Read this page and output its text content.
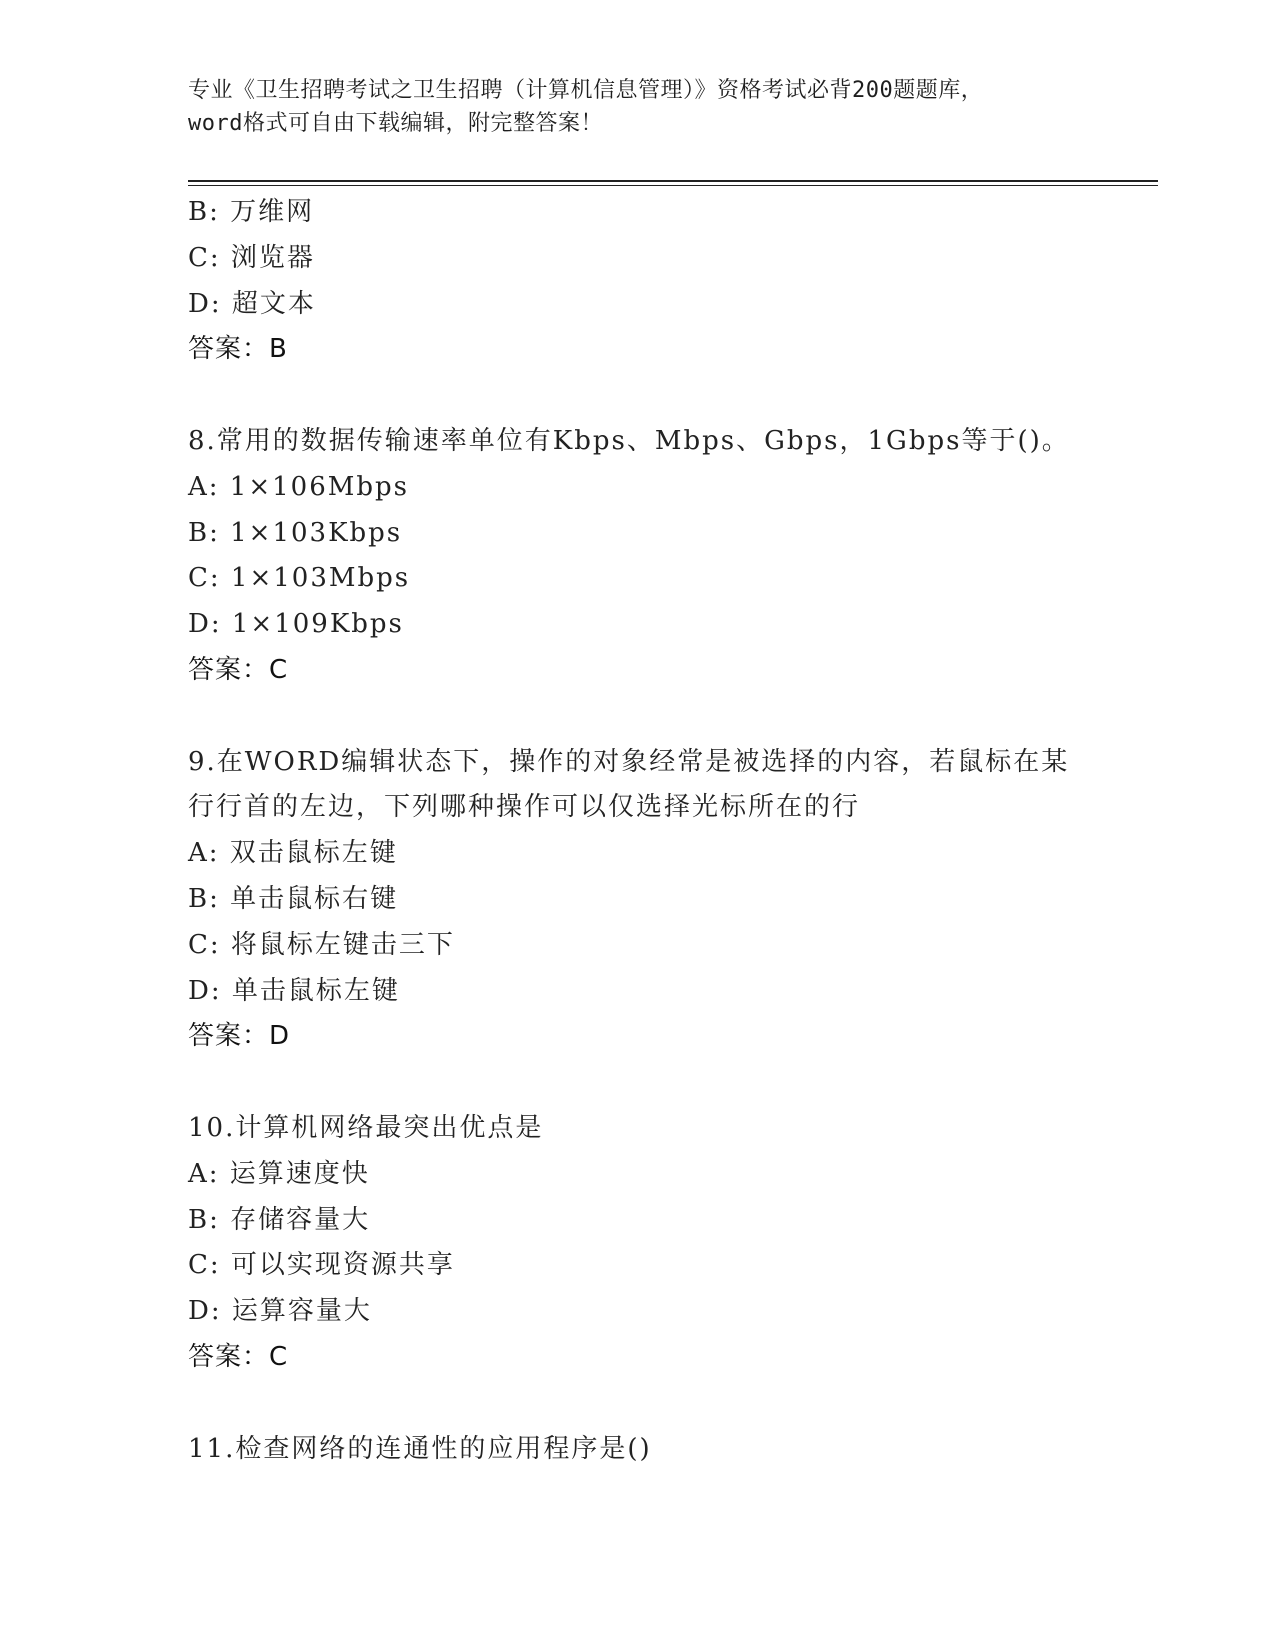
专业《卫生招聘考试之卫生招聘（计算机信息管理）》资格考试必背200题题库，
word格式可自由下载编辑，附完整答案！
B: 万维网
C: 浏览器
D: 超文本
答案：B
8.常用的数据传输速率单位有Kbps、Mbps、Gbps，1Gbps等于()。
A: 1×106Mbps
B: 1×103Kbps
C: 1×103Mbps
D: 1×109Kbps
答案：C
9.在WORD编辑状态下，操作的对象经常是被选择的内容，若鼠标在某
行行首的左边，下列哪种操作可以仅选择光标所在的行
A: 双击鼠标左键
B: 单击鼠标右键
C: 将鼠标左键击三下
D: 单击鼠标左键
答案：D
10.计算机网络最突出优点是
A: 运算速度快
B: 存储容量大
C: 可以实现资源共享
D: 运算容量大
答案：C
11.检查网络的连通性的应用程序是()
